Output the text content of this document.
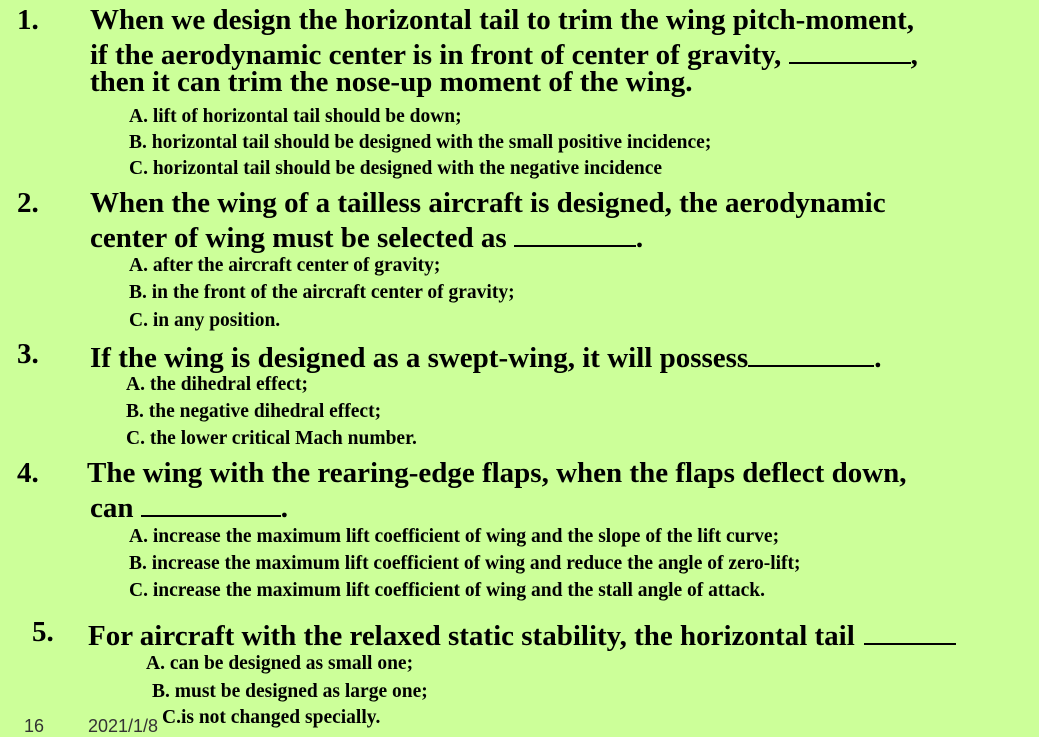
1. When we design the horizontal tail to trim the wing pitch-moment,
if the aerodynamic center is in front of center of gravity,	,
then it can trim the nose-up moment of the wing.
A. lift of horizontal tail should be down;
B. horizontal tail should be designed with the small positive incidence;
C. horizontal tail should be designed with the negative incidence
2. When the wing of a tailless aircraft is designed, the aerodynamic
center of wing must be selected as	.
A. after the aircraft center of gravity;
B. in the front of the aircraft center of gravity;
C. in any position.
3. If the wing is designed as a swept-wing, it will possess	.
A. the dihedral effect;
B. the negative dihedral effect;
C. the lower critical Mach number.
4. The wing with the rearing-edge flaps, when the flaps deflect down,
can	.
A. increase the maximum lift coefficient of wing and the slope of the lift curve;
B. increase the maximum lift coefficient of wing and reduce the angle of zero-lift;
C. increase the maximum lift coefficient of wing and the stall angle of attack.
5. For aircraft with the relaxed static stability, the horizontal tail
A. can be designed as small one;
B. must be designed as large one;
16 2021/1/8 C.is not changed specially.
